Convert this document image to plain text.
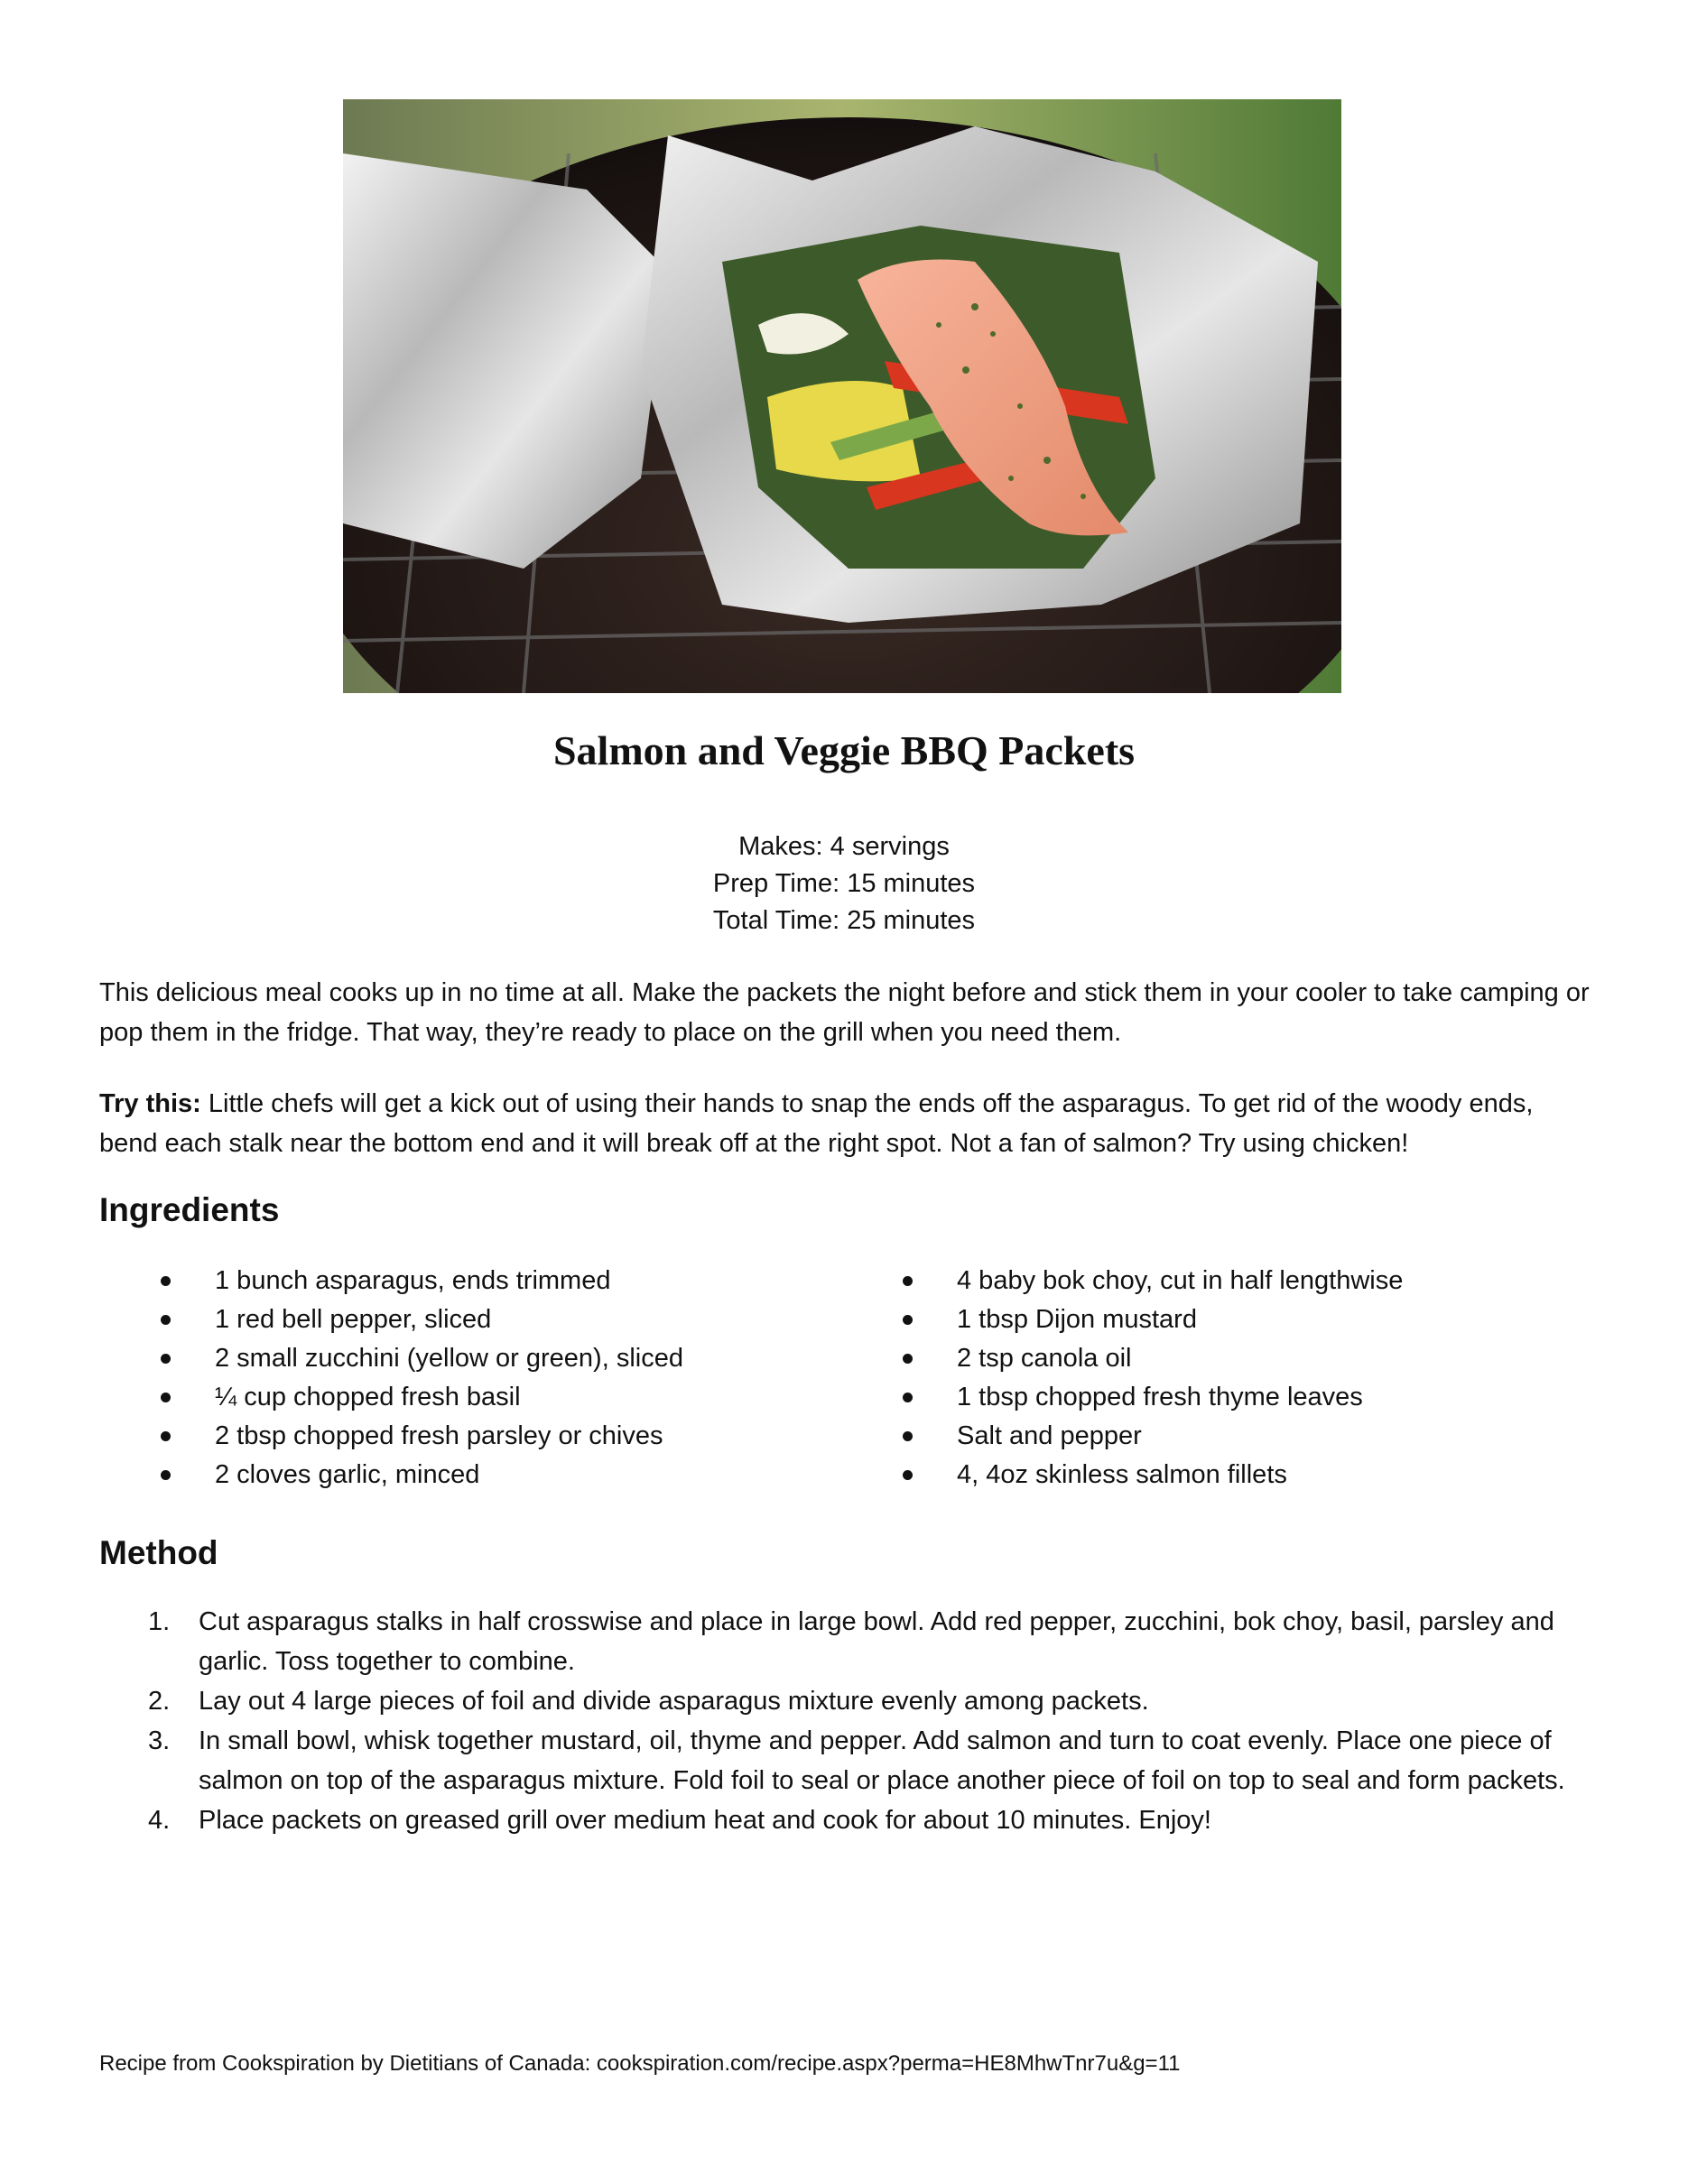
Salmon and Veggie BBQ Packets
Makes: 4 servings
Prep Time: 15 minutes
Total Time: 25 minutes

This delicious meal cooks up in no time at all. Make the packets the night before and stick them in your cooler to take camping or pop them in the fridge. That way, they’re ready to place on the grill when you need them.

Try this: Little chefs will get a kick out of using their hands to snap the ends off the asparagus. To get rid of the woody ends, bend each stalk near the bottom end and it will break off at the right spot. Not a fan of salmon? Try using chicken!

Ingredients
1 bunch asparagus, ends trimmed
1 red bell pepper, sliced
2 small zucchini (yellow or green), sliced
¼ cup chopped fresh basil
2 tbsp chopped fresh parsley or chives
2 cloves garlic, minced
4 baby bok choy, cut in half lengthwise
1 tbsp Dijon mustard
2 tsp canola oil
1 tbsp chopped fresh thyme leaves
Salt and pepper
4, 4oz skinless salmon fillets
Method
1. Cut asparagus stalks in half crosswise and place in large bowl. Add red pepper, zucchini, bok choy, basil, parsley and garlic. Toss together to combine.
2. Lay out 4 large pieces of foil and divide asparagus mixture evenly among packets.
3. In small bowl, whisk together mustard, oil, thyme and pepper. Add salmon and turn to coat evenly. Place one piece of salmon on top of the asparagus mixture. Fold foil to seal or place another piece of foil on top to seal and form packets.
4. Place packets on greased grill over medium heat and cook for about 10 minutes. Enjoy!
Recipe from Cookspiration by Dietitians of Canada: cookspiration.com/recipe.aspx?perma=HE8MhwTnr7u&g=11
